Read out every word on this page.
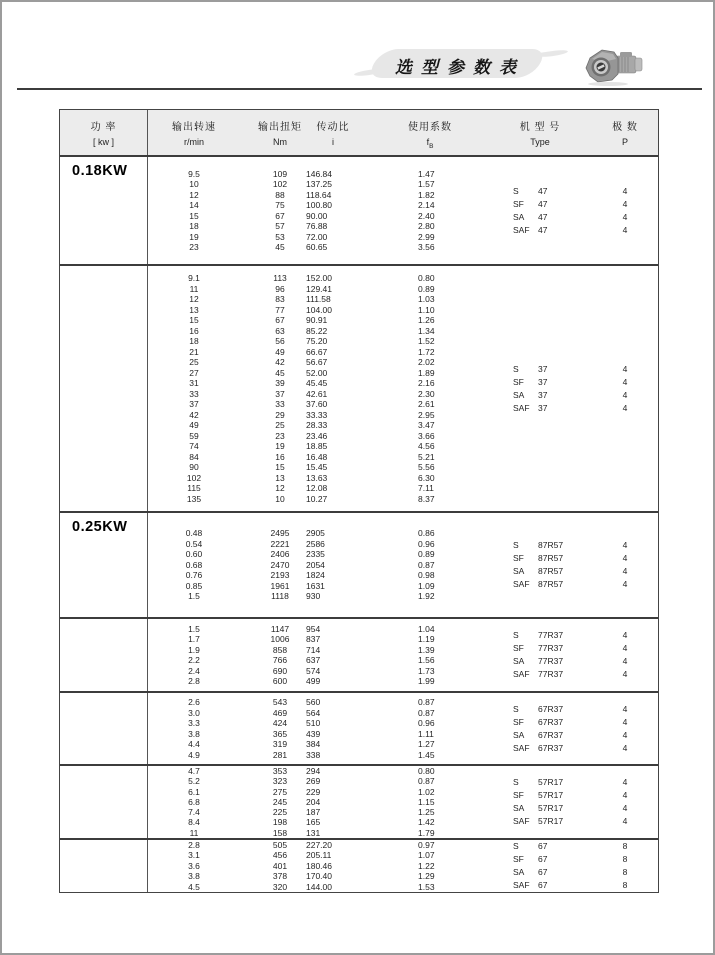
选型参数表
功 率
[ kw ]
输出转速
r/min
输出扭矩
Nm
传动比
i
使用系数
$f_B$
机 型 号
Type
极 数
P
0.18KW	9.5	109	146.84	1.47
10	102	137.25	1.57
12	88	118.64	1.82
14	75	100.80	2.14
15	67	90.00	2.40
18	57	76.88	2.80
19	53	72.00	2.99
23	45	60.65	3.56
S 47	4
SF 47	4
SA 47	4
SAF 47	4
9.1	113	152.00	0.80
11	96	129.41	0.89
12	83	111.58	1.03
13	77	104.00	1.10
15	67	90.91	1.26
16	63	85.22	1.34
18	56	75.20	1.52
21	49	66.67	1.72
25	42	56.67	2.02
27	45	52.00	1.89
31	39	45.45	2.16
33	37	42.61	2.30
37	33	37.60	2.61
42	29	33.33	2.95
49	25	28.33	3.47
59	23	23.46	3.66
74	19	18.85	4.56
84	16	16.48	5.21
90	15	15.45	5.56
102	13	13.63	6.30
115	12	12.08	7.11
135	10	10.27	8.37
S 37	4
SF 37	4
SA 37	4
SAF 37	4
0.25KW	0.48	2495	2905	0.86
0.54	2221	2586	0.96
0.60	2406	2335	0.89
0.68	2470	2054	0.87
0.76	2193	1824	0.98
0.85	1961	1631	1.09
1.5	1118	930	1.92
S 87R57	4
SF 87R57	4
SA 87R57	4
SAF 87R57	4
1.5	1147	954	1.04
1.7	1006	837	1.19
1.9	858	714	1.39
2.2	766	637	1.56
2.4	690	574	1.73
2.8	600	499	1.99
S 77R37	4
SF 77R37	4
SA 77R37	4
SAF 77R37	4
2.6	543	560	0.87
3.0	469	564	0.87
3.3	424	510	0.96
3.8	365	439	1.11
4.4	319	384	1.27
4.9	281	338	1.45
S 67R37	4
SF 67R37	4
SA 67R37	4
SAF 67R37	4
4.7	353	294	0.80
5.2	323	269	0.87
6.1	275	229	1.02
6.8	245	204	1.15
7.4	225	187	1.25
8.4	198	165	1.42
11	158	131	1.79
S 57R17	4
SF 57R17	4
SA 57R17	4
SAF 57R17	4
2.8	505	227.20	0.97
3.1	456	205.11	1.07
3.6	401	180.46	1.22
3.8	378	170.40	1.29
4.5	320	144.00	1.53
S 67	8
SF 67	8
SA 67	8
SAF 67	8
